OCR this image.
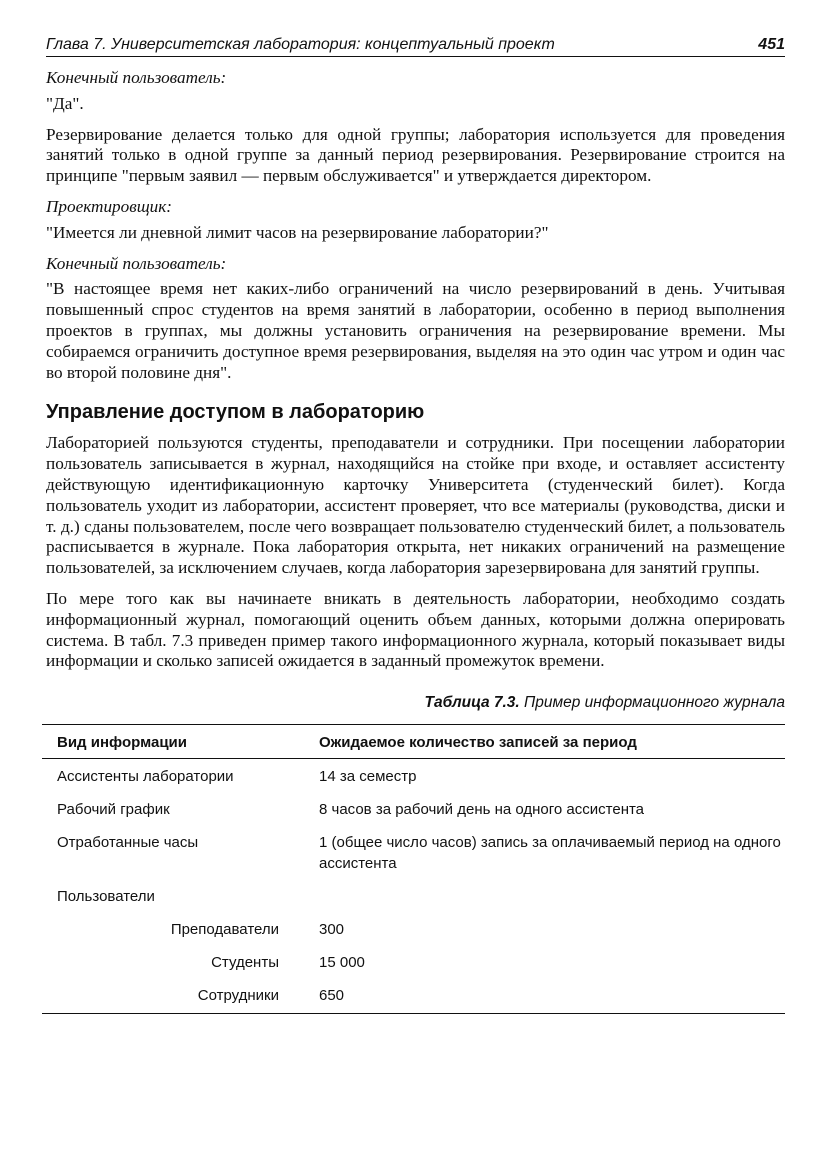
Глава 7. Университетская лаборатория: концептуальный проект	451
Конечный пользователь:

"Да".

Резервирование делается только для одной группы; лаборатория используется для проведения занятий только в одной группе за данный период резервирования. Резервирование строится на принципе "первым заявил — первым обслуживается" и утверждается директором.

Проектировщик:

"Имеется ли дневной лимит часов на резервирование лаборатории?"

Конечный пользователь:

"В настоящее время нет каких-либо ограничений на число резервирований в день. Учитывая повышенный спрос студентов на время занятий в лаборатории, особенно в период выполнения проектов в группах, мы должны установить ограничения на резервирование времени. Мы собираемся ограничить доступное время резервирования, выделяя на это один час утром и один час во второй половине дня".

Управление доступом в лабораторию

Лабораторией пользуются студенты, преподаватели и сотрудники. При посещении лаборатории пользователь записывается в журнал, находящийся на стойке при входе, и оставляет ассистенту действующую идентификационную карточку Университета (студенческий билет). Когда пользователь уходит из лаборатории, ассистент проверяет, что все материалы (руководства, диски и т. д.) сданы пользователем, после чего возвращает пользователю студенческий билет, а пользователь расписывается в журнале. Пока лаборатория открыта, нет никаких ограничений на размещение пользователей, за исключением случаев, когда лаборатория зарезервирована для занятий группы.

По мере того как вы начинаете вникать в деятельность лаборатории, необходимо создать информационный журнал, помогающий оценить объем данных, которыми должна оперировать система. В табл. 7.3 приведен пример такого информационного журнала, который показывает виды информации и сколько записей ожидается в заданный промежуток времени.

Таблица 7.3. Пример информационного журнала
Вид информации	Ожидаемое количество записей за период
Ассистенты лаборатории	14 за семестр
Рабочий график	8 часов за рабочий день на одного ассистента
Отработанные часы	1 (общее число часов) запись за оплачиваемый период на одного ассистента
Пользователи	
Преподаватели	300
Студенты	15 000
Сотрудники	650
